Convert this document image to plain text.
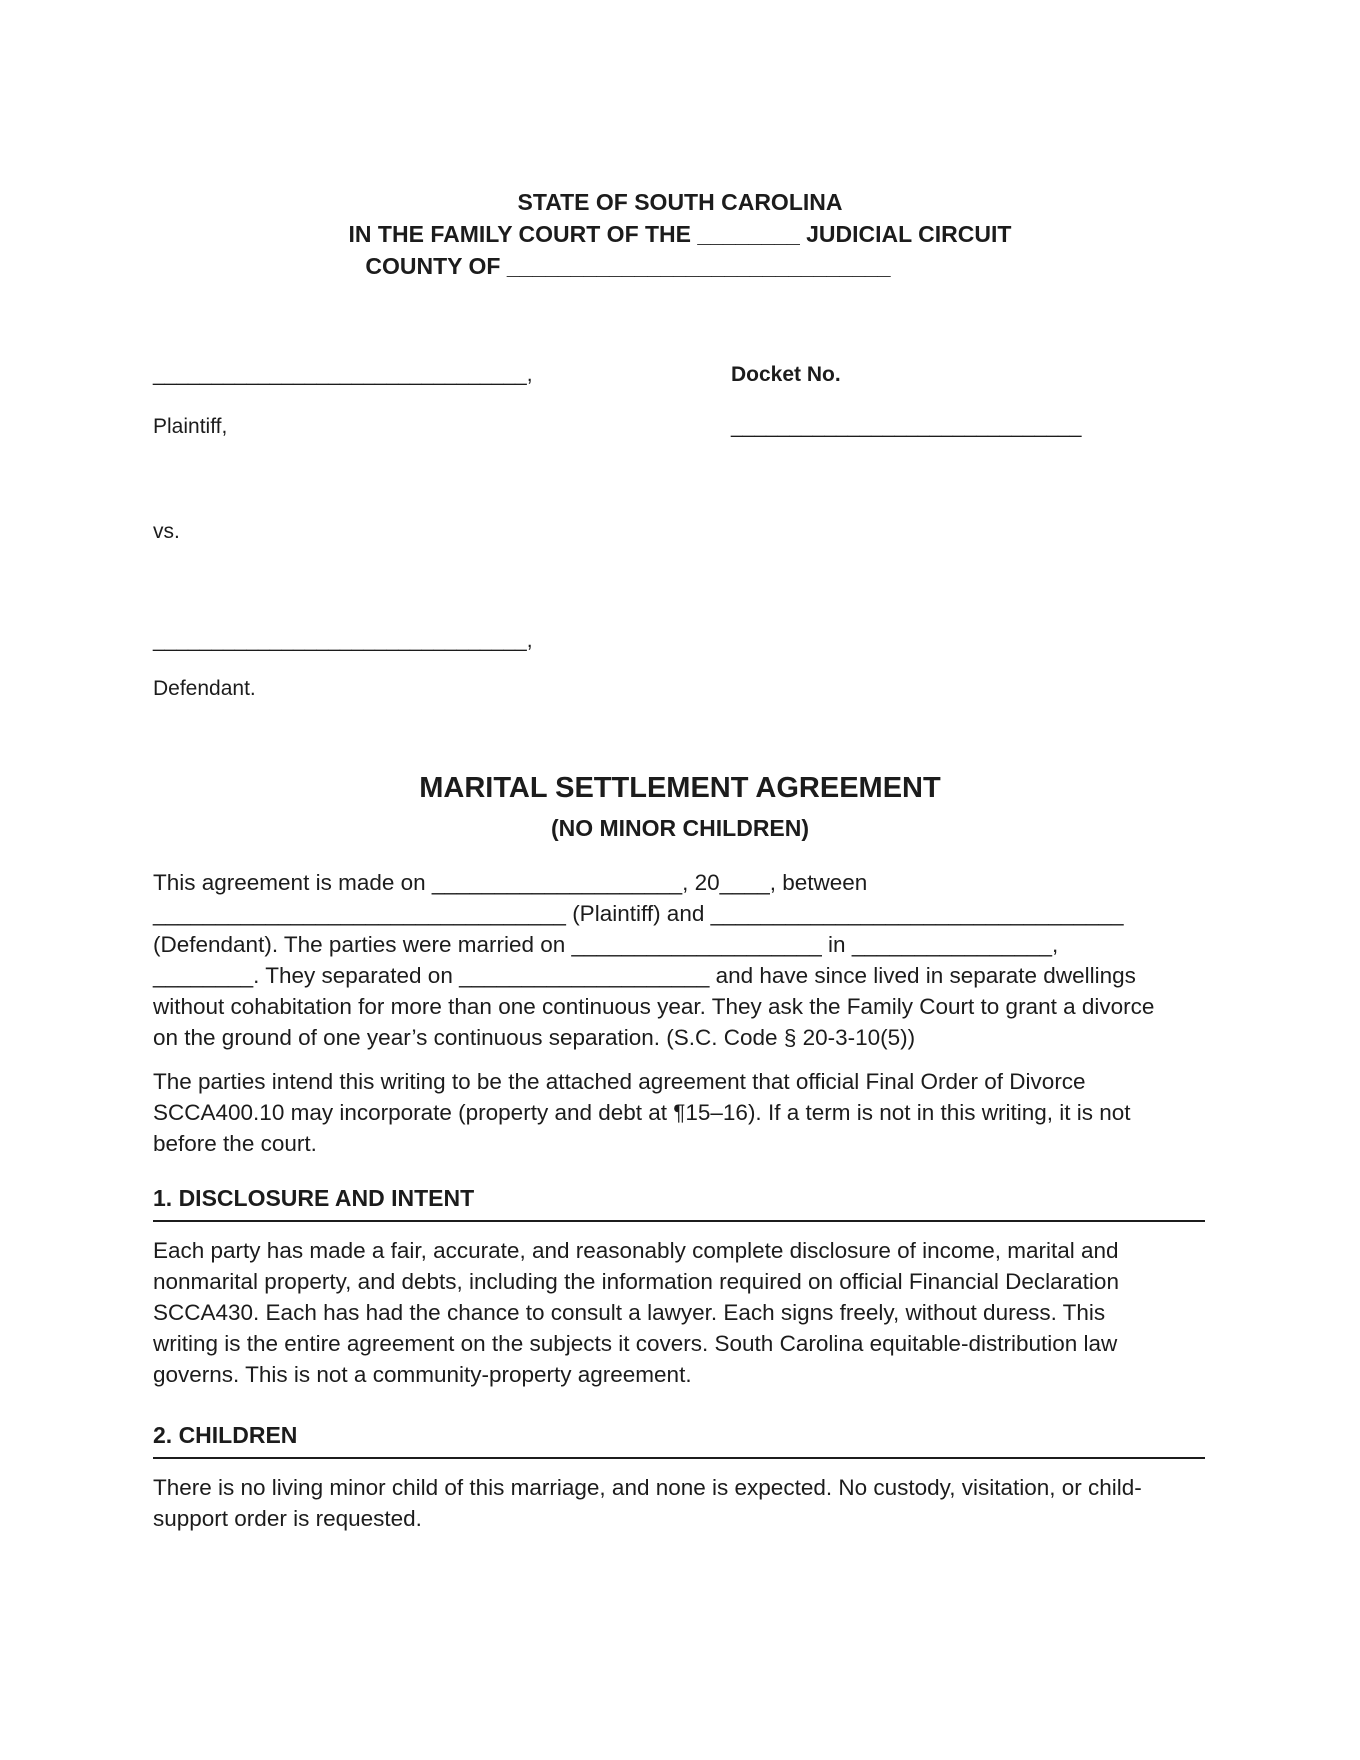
STATE OF SOUTH CAROLINA
IN THE FAMILY COURT OF THE ________ JUDICIAL CIRCUIT
COUNTY OF ______________________________
________________________________,	Docket No.
Plaintiff,	______________________________
vs.
________________________________,
Defendant.
MARITAL SETTLEMENT AGREEMENT
(NO MINOR CHILDREN)
This agreement is made on ____________________, 20____, between
_________________________________ (Plaintiff) and _________________________________
(Defendant). The parties were married on ____________________ in ________________,
________. They separated on ____________________ and have since lived in separate dwellings
without cohabitation for more than one continuous year. They ask the Family Court to grant a divorce
on the ground of one year’s continuous separation. (S.C. Code § 20-3-10(5))
The parties intend this writing to be the attached agreement that official Final Order of Divorce
SCCA400.10 may incorporate (property and debt at ¶15–16). If a term is not in this writing, it is not
before the court.
1. DISCLOSURE AND INTENT
Each party has made a fair, accurate, and reasonably complete disclosure of income, marital and
nonmarital property, and debts, including the information required on official Financial Declaration
SCCA430. Each has had the chance to consult a lawyer. Each signs freely, without duress. This
writing is the entire agreement on the subjects it covers. South Carolina equitable-distribution law
governs. This is not a community-property agreement.
2. CHILDREN
There is no living minor child of this marriage, and none is expected. No custody, visitation, or child-
support order is requested.
